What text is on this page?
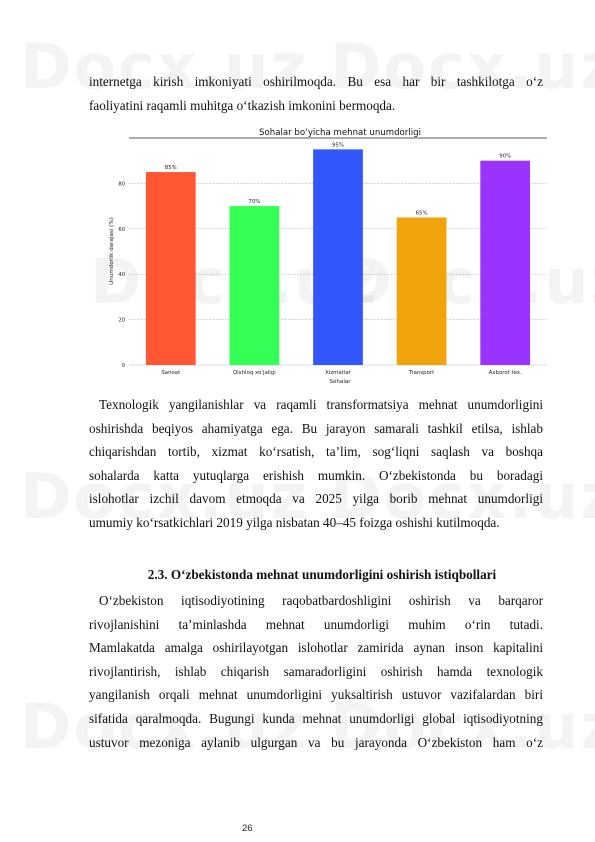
internetga kirish imkoniyati oshirilmoqda. Bu esa har bir tashkilotga o‘z
faoliyatini raqamli muhitga o‘tkazish imkonini bermoqda.
Sohalar bo‘yicha mehnat unumdorligi
Unumdorlik darajasi (%)
Sohalar
0
20
40
60
80
85%
Sanoat
70%
Qishloq xo‘jaligi
95%
Xizmatlar
65%
Transport
90%
Axborot tex.
Texnologik yangilanishlar va raqamli transformatsiya mehnat unumdorligini
oshirishda beqiyos ahamiyatga ega. Bu jarayon samarali tashkil etilsa, ishlab
chiqarishdan tortib, xizmat ko‘rsatish, ta’lim, sog‘liqni saqlash va boshqa
sohalarda katta yutuqlarga erishish mumkin. O‘zbekistonda bu boradagi
islohotlar izchil davom etmoqda va 2025 yilga borib mehnat unumdorligi
umumiy ko‘rsatkichlari 2019 yilga nisbatan 40–45 foizga oshishi kutilmoqda.
2.3. O‘zbekistonda mehnat unumdorligini oshirish istiqbollari
O‘zbekiston iqtisodiyotining raqobatbardoshligini oshirish va barqaror
rivojlanishini ta’minlashda mehnat unumdorligi muhim o‘rin tutadi.
Mamlakatda amalga oshirilayotgan islohotlar zamirida aynan inson kapitalini
rivojlantirish, ishlab chiqarish samaradorligini oshirish hamda texnologik
yangilanish orqali mehnat unumdorligini yuksaltirish ustuvor vazifalardan biri
sifatida qaralmoqda. Bugungi kunda mehnat unumdorligi global iqtisodiyotning
ustuvor mezoniga aylanib ulgurgan va bu jarayonda O‘zbekiston ham o‘z
26
